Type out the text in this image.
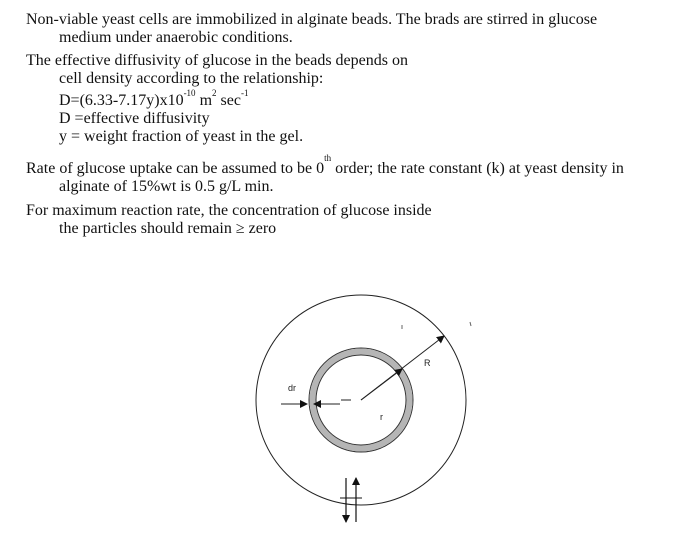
Non-viable yeast cells are immobilized in alginate beads. The brads are stirred in glucose
medium under anaerobic conditions.
The effective diffusivity of glucose in the beads depends on
cell density according to the relationship:
$D=(6.33-7.17y)x10^{-10}$ $m^2$ $\sec^{-1}$
D =effective diffusivity
y = weight fraction of yeast in the gel.
Rate of glucose uptake can be assumed to be 0th order; the rate constant (k) at yeast density in
alginate of 15%wt is 0.5 g/L min.
For maximum reaction rate, the concentration of glucose inside
the particles should remain ≥ zero
R
r
dr
